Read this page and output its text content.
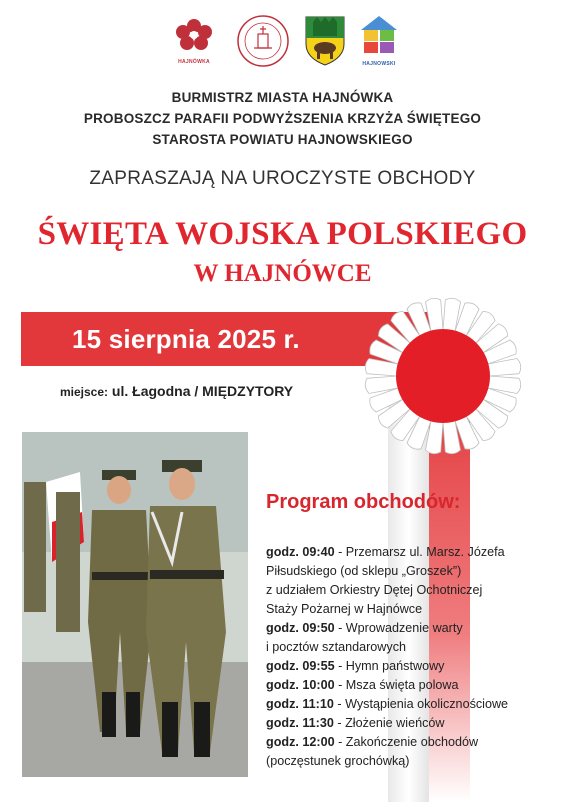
HAJNÓWKA	HAJNOWSKI
BURMISTRZ MIASTA HAJNÓWKA
PROBOSZCZ PARAFII PODWYŻSZENIA KRZYŻA ŚWIĘTEGO
STAROSTA POWIATU HAJNOWSKIEGO
ZAPRASZAJĄ NA UROCZYSTE OBCHODY
ŚWIĘTA WOJSKA POLSKIEGO
W HAJNÓWCE
15 sierpnia 2025 r.
miejsce: ul. Łagodna / MIĘDZYTORY
Program obchodów:
godz. 09:40 - Przemarsz ul. Marsz. Józefa
Piłsudskiego (od sklepu „Groszek”)
z udziałem Orkiestry Dętej Ochotniczej
Staży Pożarnej w Hajnówce
godz. 09:50 - Wprowadzenie warty
i pocztów sztandarowych
godz. 09:55 - Hymn państwowy
godz. 10:00 - Msza święta polowa
godz. 11:10 - Wystąpienia okolicznościowe
godz. 11:30 - Złożenie wieńców
godz. 12:00 - Zakończenie obchodów
(poczęstunek grochówką)
